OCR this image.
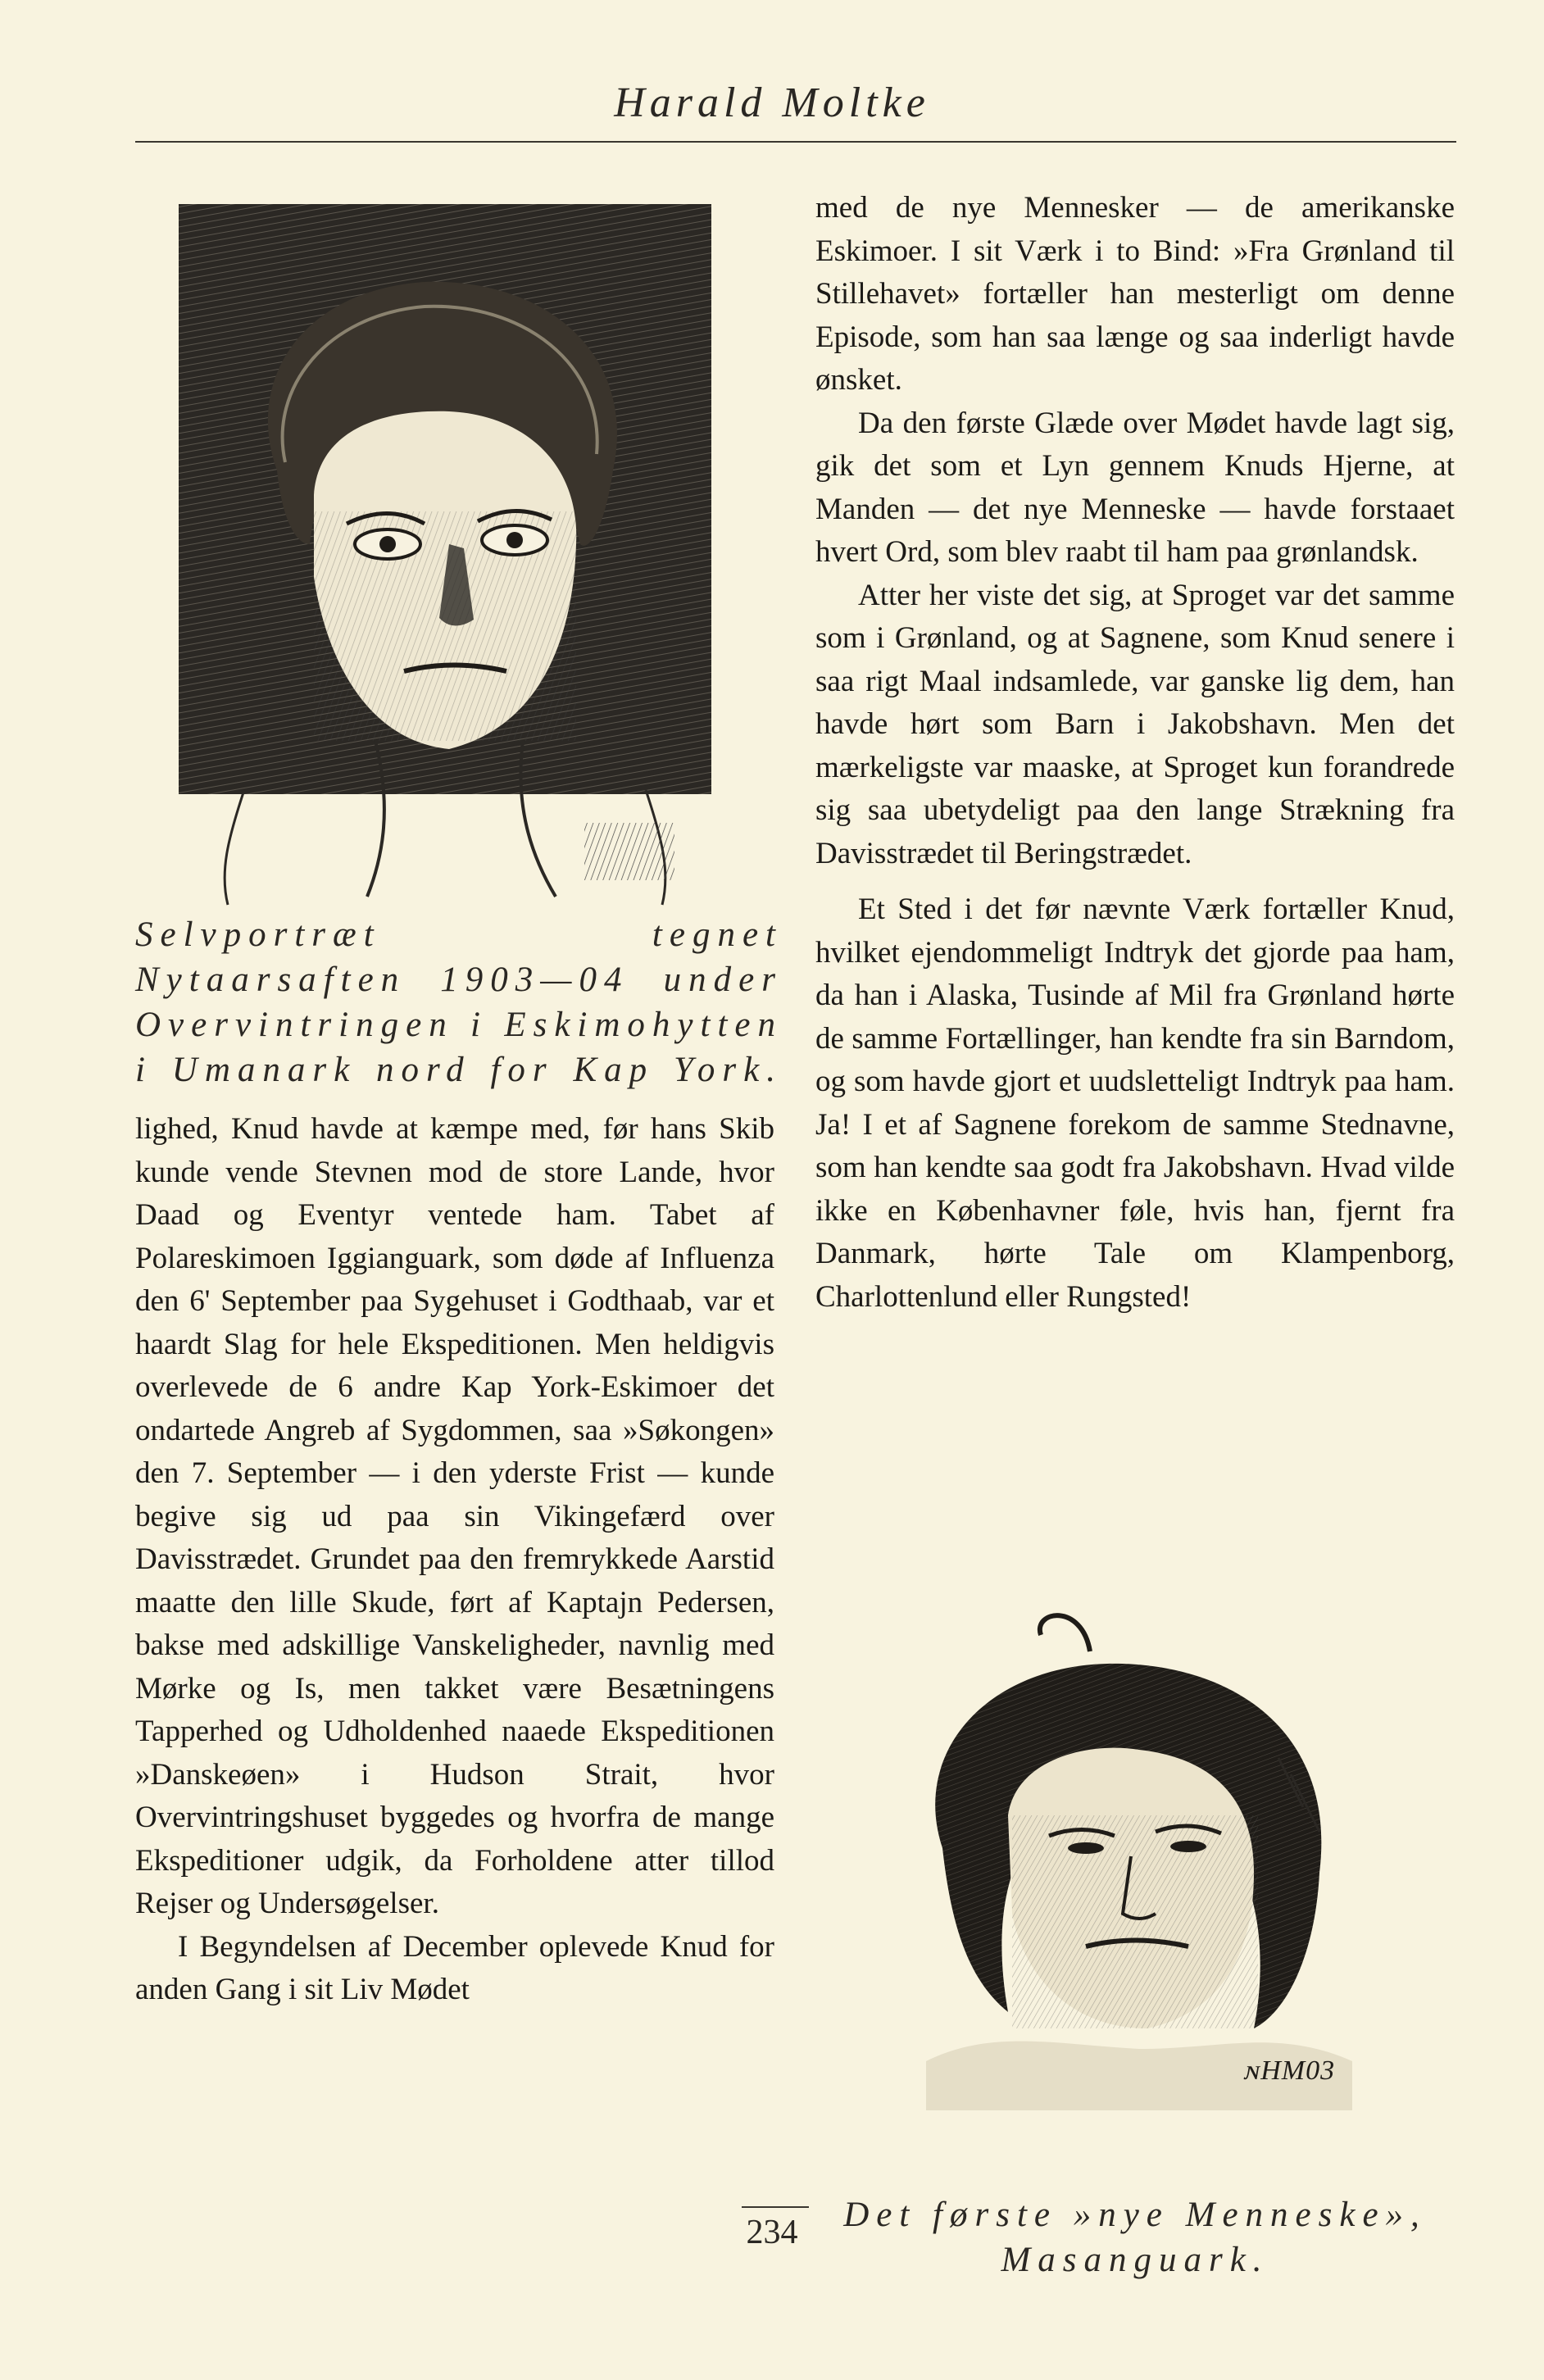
Harald Moltke
Selvportræt tegnet Nytaarsaften 1903—04 under Overvintringen i Eskimohytten i Umanark nord for Kap York.

lighed, Knud havde at kæmpe med, før hans Skib kunde vende Stevnen mod de store Lande, hvor Daad og Eventyr ventede ham. Tabet af Polareskimoen Iggianguark, som døde af Influenza den 6' September paa Sygehuset i Godthaab, var et haardt Slag for hele Ekspeditionen. Men heldigvis overlevede de 6 andre Kap York-Eskimoer det ondartede Angreb af Sygdommen, saa »Søkongen» den 7. September — i den yderste Frist — kunde begive sig ud paa sin Vikingefærd over Davisstrædet. Grundet paa den fremrykkede Aarstid maatte den lille Skude, ført af Kaptajn Pedersen, bakse med adskillige Vanskeligheder, navnlig med Mørke og Is, men takket være Besætningens Tapperhed og Udholdenhed naaede Ekspeditionen »Danskeøen» i Hudson Strait, hvor Overvintringshuset byggedes og hvorfra de mange Ekspeditioner udgik, da Forholdene atter tillod Rejser og Undersøgelser.

I Begyndelsen af December oplevede Knud for anden Gang i sit Liv Mødet

med de nye Mennesker — de amerikanske Eskimoer. I sit Værk i to Bind: »Fra Grønland til Stillehavet» fortæller han mesterligt om denne Episode, som han saa længe og saa inderligt havde ønsket.

Da den første Glæde over Mødet havde lagt sig, gik det som et Lyn gennem Knuds Hjerne, at Manden — det nye Menneske — havde forstaaet hvert Ord, som blev raabt til ham paa grønlandsk.

Atter her viste det sig, at Sproget var det samme som i Grønland, og at Sagnene, som Knud senere i saa rigt Maal indsamlede, var ganske lig dem, han havde hørt som Barn i Jakobshavn. Men det mærkeligste var maaske, at Sproget kun forandrede sig saa ubetydeligt paa den lange Strækning fra Davisstrædet til Beringstrædet.

Et Sted i det før nævnte Værk fortæller Knud, hvilket ejendommeligt Indtryk det gjorde paa ham, da han i Alaska, Tusinde af Mil fra Grønland hørte de samme Fortællinger, han kendte fra sin Barndom, og som havde gjort et uudsletteligt Indtryk paa ham. Ja! I et af Sagnene forekom de samme Stednavne, som han kendte saa godt fra Jakobshavn. Hvad vilde ikke en Københavner føle, hvis han, fjernt fra Danmark, hørte Tale om Klampenborg, Charlottenlund eller Rungsted!

ɴHM03
Det første »nye Menneske»,
Masanguark.
234
